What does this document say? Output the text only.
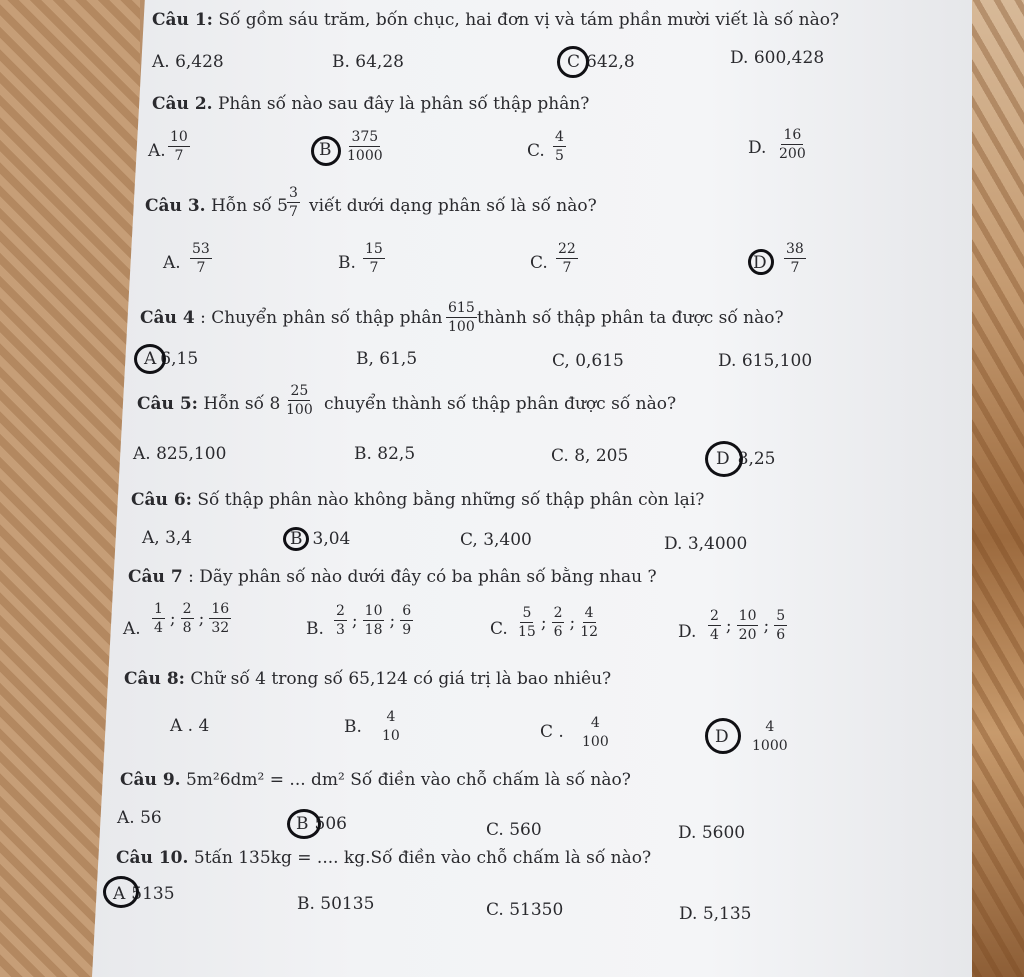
Câu 1: Số gồm sáu trăm, bốn chục, hai đơn vị và tám phần mười viết là số nào?
A. 6,428	B. 64,28	C 642,8	D. 600,428
Câu 2. Phân số nào sau đây là phân số thập phân?
A. $\frac{10}{7}$	B $\frac{375}{1000}$	C. $\frac{4}{5}$	D. $\frac{16}{200}$
Câu 3. Hỗn số $5 \frac{3}{7}$ viết dưới dạng phân số là số nào?
A. $\frac{53}{7}$	B. $\frac{15}{7}$	C. $\frac{22}{7}$	D $\frac{38}{7}$
Câu 4 : Chuyển phân số thập phân $\frac{615}{100}$ thành số thập phân ta được số nào?
A 6,15	B, 61,5	C, 0,615	D. 615,100
Câu 5: Hỗn số $8 \frac{25}{100}$ chuyển thành số thập phân được số nào?
A. 825,100	B. 82,5	C. 8, 205	D 8,25
Câu 6: Số thập phân nào không bằng những số thập phân còn lại?
A, 3,4	B 3,04	C, 3,400	D. 3,4000
Câu 7 : Dãy phân số nào dưới đây có ba phân số bằng nhau ?
A.
1
4 ; 2
8 ; 16
32	B.
2
3 ; 10
18 ; 6
9	C.
5
15 ; 2
6 ; 4
12	D.
2
4 ; 10
20 ; 5
6
Câu 8: Chữ số 4 trong số 65,124 có giá trị là bao nhiêu?
A . 4	B. 4
10	C . 4
100	D	4
1000
Câu 9. 5m²6dm² = ... dm² Số điền vào chỗ chấm là số nào?
A. 56	B 506	C. 560	D. 5600
Câu 10. 5tấn 135kg = .... kg.Số điền vào chỗ chấm là số nào?
A 5135	B. 50135	C. 51350	D. 5,135
